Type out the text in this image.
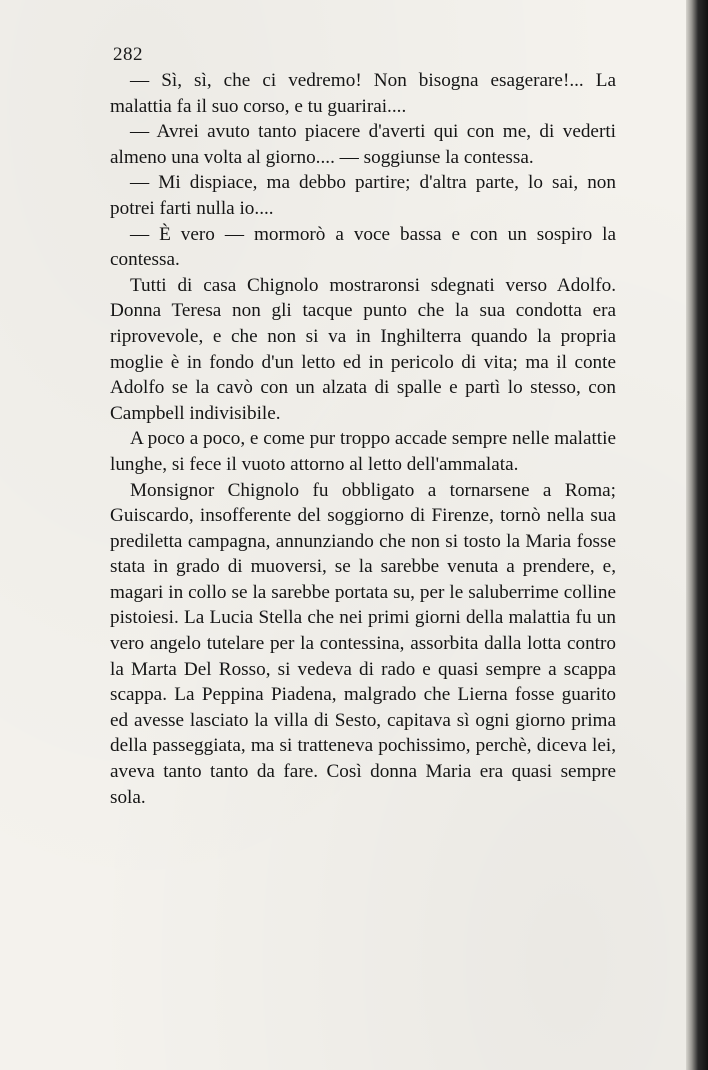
282

— Sì, sì, che ci vedremo! Non bisogna esagerare!... La malattia fa il suo corso, e tu guarirai....

— Avrei avuto tanto piacere d'averti qui con me, di vederti almeno una volta al giorno.... — soggiunse la contessa.

— Mi dispiace, ma debbo partire; d'altra parte, lo sai, non potrei farti nulla io....

— È vero — mormorò a voce bassa e con un sospiro la contessa.

Tutti di casa Chignolo mostraronsi sdegnati verso Adolfo. Donna Teresa non gli tacque punto che la sua condotta era riprovevole, e che non si va in Inghilterra quando la propria moglie è in fondo d'un letto ed in pericolo di vita; ma il conte Adolfo se la cavò con un alzata di spalle e partì lo stesso, con Campbell indivisibile.

A poco a poco, e come pur troppo accade sempre nelle malattie lunghe, si fece il vuoto attorno al letto dell'ammalata.

Monsignor Chignolo fu obbligato a tornarsene a Roma; Guiscardo, insofferente del soggiorno di Firenze, tornò nella sua prediletta campagna, annunziando che non si tosto la Maria fosse stata in grado di muoversi, se la sarebbe venuta a prendere, e, magari in collo se la sarebbe portata su, per le saluberrime colline pistoiesi. La Lucia Stella che nei primi giorni della malattia fu un vero angelo tutelare per la contessina, assorbita dalla lotta contro la Marta Del Rosso, si vedeva di rado e quasi sempre a scappa scappa. La Peppina Piadena, malgrado che Lierna fosse guarito ed avesse lasciato la villa di Sesto, capitava sì ogni giorno prima della passeggiata, ma si tratteneva pochissimo, perchè, diceva lei, aveva tanto tanto da fare. Così donna Maria era quasi sempre sola.
